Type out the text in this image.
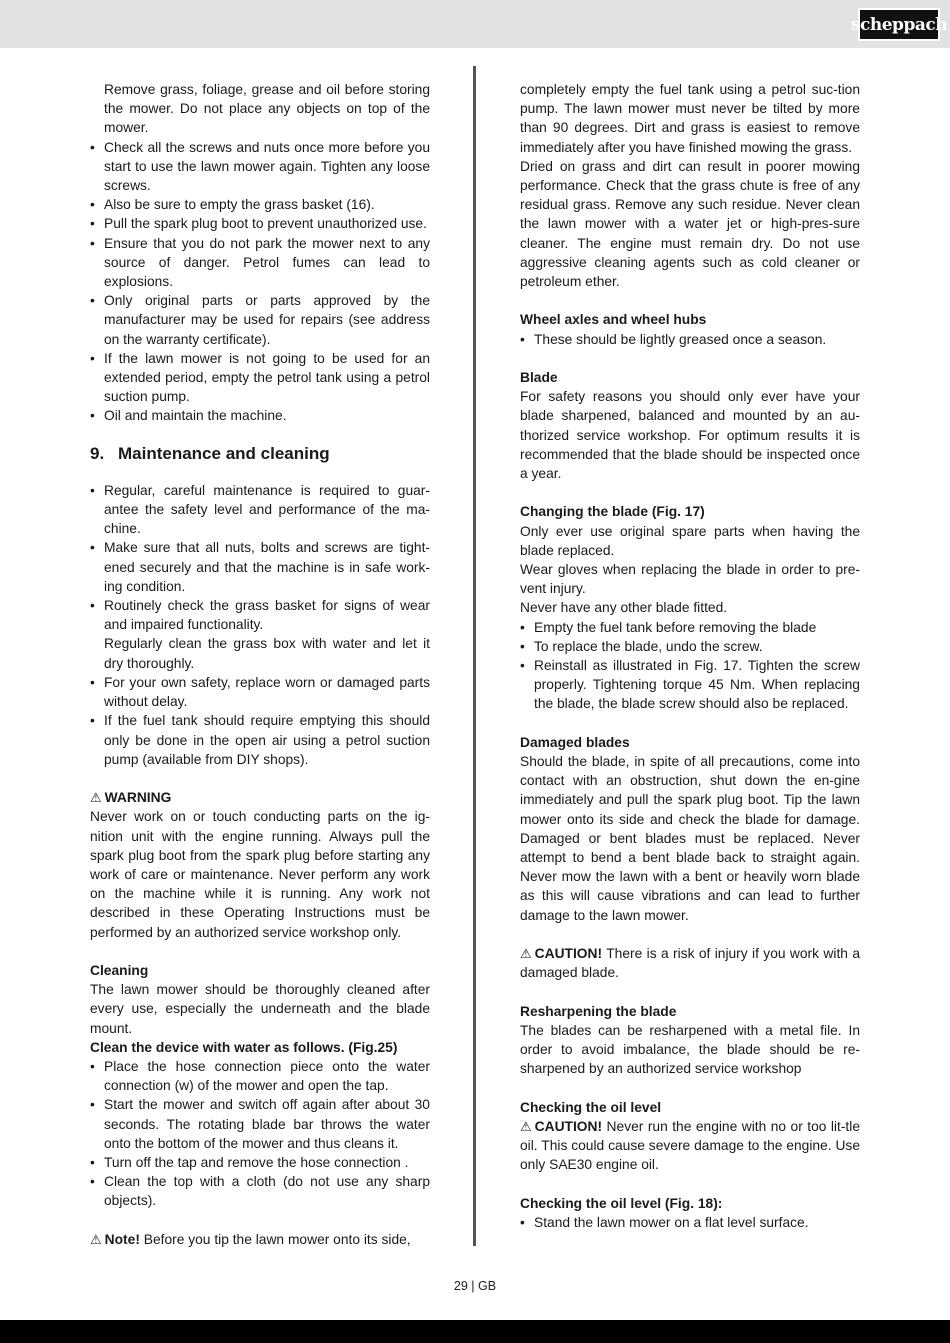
scheppach

Remove grass, foliage, grease and oil before storing the mower. Do not place any objects on top of the mower.

• Check all the screws and nuts once more before you start to use the lawn mower again. Tighten any loose screws.
• Also be sure to empty the grass basket (16).
• Pull the spark plug boot to prevent unauthorized use.
• Ensure that you do not park the mower next to any source of danger. Petrol fumes can lead to explosions.
• Only original parts or parts approved by the manufacturer may be used for repairs (see address on the warranty certificate).
• If the lawn mower is not going to be used for an extended period, empty the petrol tank using a petrol suction pump.
• Oil and maintain the machine.
9. Maintenance and cleaning
• Regular, careful maintenance is required to guar-antee the safety level and performance of the ma-chine.
• Make sure that all nuts, bolts and screws are tight-ened securely and that the machine is in safe work-ing condition.
• Routinely check the grass basket for signs of wear and impaired functionality.

Regularly clean the grass box with water and let it dry thoroughly.

• For your own safety, replace worn or damaged parts without delay.
• If the fuel tank should require emptying this should only be done in the open air using a petrol suction pump (available from DIY shops).

⚠ WARNING

Never work on or touch conducting parts on the ig-nition unit with the engine running. Always pull the spark plug boot from the spark plug before starting any work of care or maintenance. Never perform any work on the machine while it is running. Any work not described in these Operating Instructions must be performed by an authorized service workshop only.

Cleaning

The lawn mower should be thoroughly cleaned after every use, especially the underneath and the blade mount.

Clean the device with water as follows. (Fig.25)

• Place the hose connection piece onto the water connection (w) of the mower and open the tap.
• Start the mower and switch off again after about 30 seconds. The rotating blade bar throws the water onto the bottom of the mower and thus cleans it.
• Turn off the tap and remove the hose connection .
• Clean the top with a cloth (do not use any sharp objects).

⚠ Note! Before you tip the lawn mower onto its side,

completely empty the fuel tank using a petrol suc-tion pump. The lawn mower must never be tilted by more than 90 degrees. Dirt and grass is easiest to remove immediately after you have finished mowing the grass.

Dried on grass and dirt can result in poorer mowing performance. Check that the grass chute is free of any residual grass. Remove any such residue. Never clean the lawn mower with a water jet or high-pres-sure cleaner. The engine must remain dry. Do not use aggressive cleaning agents such as cold cleaner or petroleum ether.

Wheel axles and wheel hubs

• These should be lightly greased once a season.

Blade

For safety reasons you should only ever have your blade sharpened, balanced and mounted by an au-thorized service workshop. For optimum results it is recommended that the blade should be inspected once a year.

Changing the blade (Fig. 17)

Only ever use original spare parts when having the blade replaced.

Wear gloves when replacing the blade in order to pre-vent injury.

Never have any other blade fitted.

• Empty the fuel tank before removing the blade
• To replace the blade, undo the screw.
• Reinstall as illustrated in Fig. 17. Tighten the screw properly. Tightening torque 45 Nm. When replacing the blade, the blade screw should also be replaced.

Damaged blades

Should the blade, in spite of all precautions, come into contact with an obstruction, shut down the en-gine immediately and pull the spark plug boot. Tip the lawn mower onto its side and check the blade for damage. Damaged or bent blades must be replaced. Never attempt to bend a bent blade back to straight again. Never mow the lawn with a bent or heavily worn blade as this will cause vibrations and can lead to further damage to the lawn mower.

⚠ CAUTION! There is a risk of injury if you work with a damaged blade.

Resharpening the blade

The blades can be resharpened with a metal file. In order to avoid imbalance, the blade should be re-sharpened by an authorized service workshop

Checking the oil level

⚠ CAUTION! Never run the engine with no or too lit-tle oil. This could cause severe damage to the engine. Use only SAE30 engine oil.

Checking the oil level (Fig. 18):

• Stand the lawn mower on a flat level surface.
29 | GB
